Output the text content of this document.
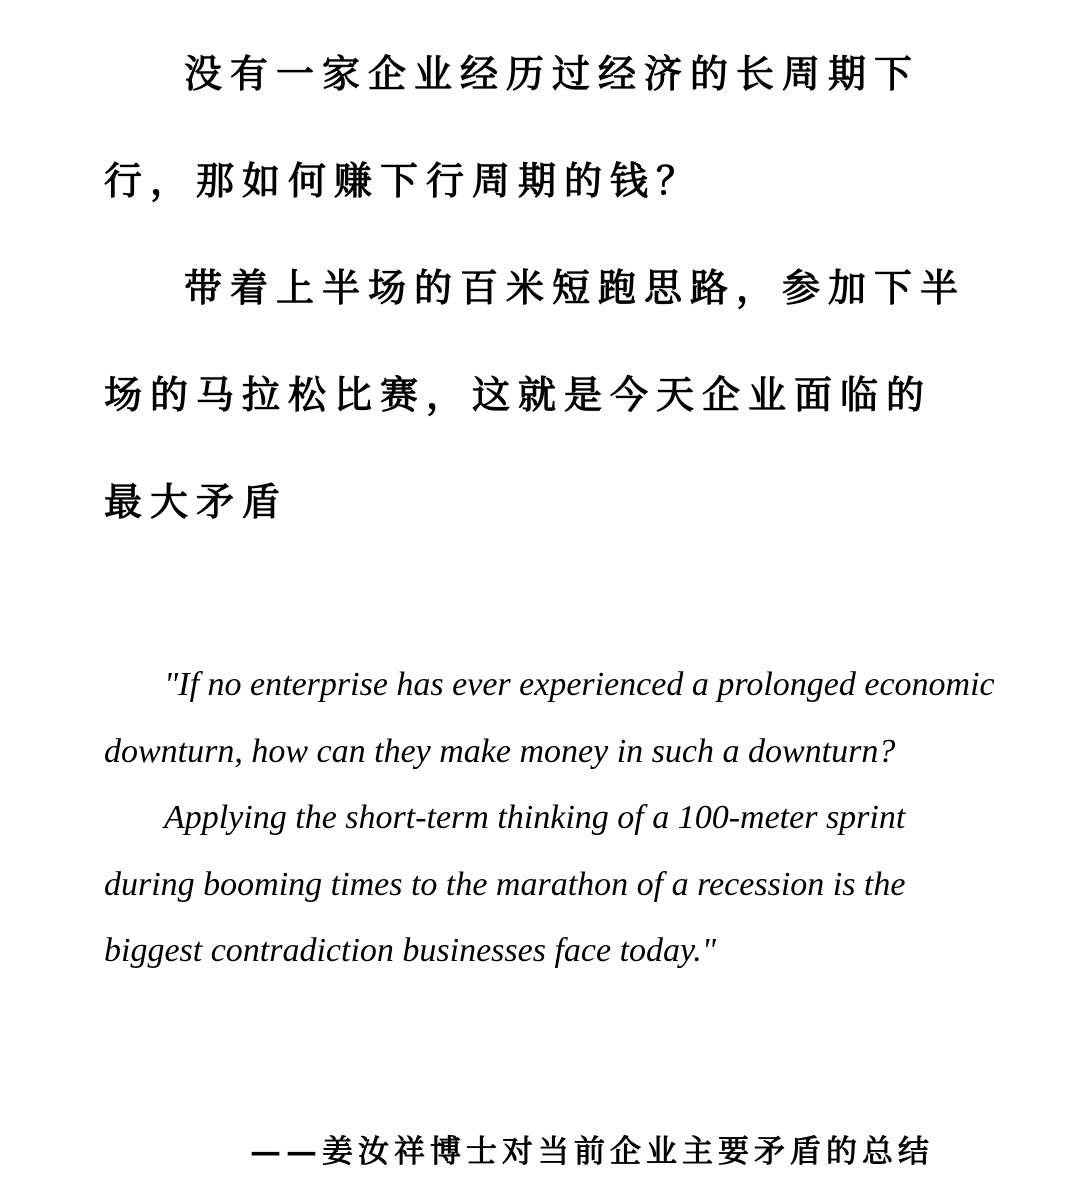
没有一家企业经历过经济的长周期下行，那如何赚下行周期的钱？

带着上半场的百米短跑思路，参加下半场的马拉松比赛，这就是今天企业面临的最大矛盾

"If no enterprise has ever experienced a prolonged economic downturn, how can they make money in such a downturn?

Applying the short-term thinking of a 100-meter sprint during booming times to the marathon of a recession is the biggest contradiction businesses face today."

——姜汝祥博士对当前企业主要矛盾的总结
